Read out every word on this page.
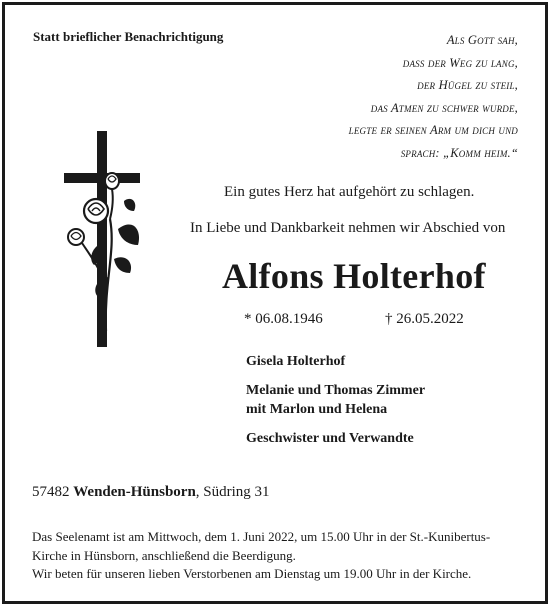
Statt brieflicher Benachrichtigung	Als Gott sah,
dass der Weg zu lang,
der Hügel zu steil,
das Atmen zu schwer wurde,
legte er seinen Arm um dich und
sprach: „Komm heim.“
Ein gutes Herz hat aufgehört zu schlagen.
In Liebe und Dankbarkeit nehmen wir Abschied von
Alfons Holterhof
* 06.08.1946	† 26.05.2022
Gisela Holterhof
Melanie und Thomas Zimmer
mit Marlon und Helena
Geschwister und Verwandte
57482 Wenden-Hünsborn, Südring 31
Das Seelenamt ist am Mittwoch, dem 1. Juni 2022, um 15.00 Uhr in der St.-Kunibertus-
Kirche in Hünsborn, anschließend die Beerdigung.
Wir beten für unseren lieben Verstorbenen am Dienstag um 19.00 Uhr in der Kirche.
